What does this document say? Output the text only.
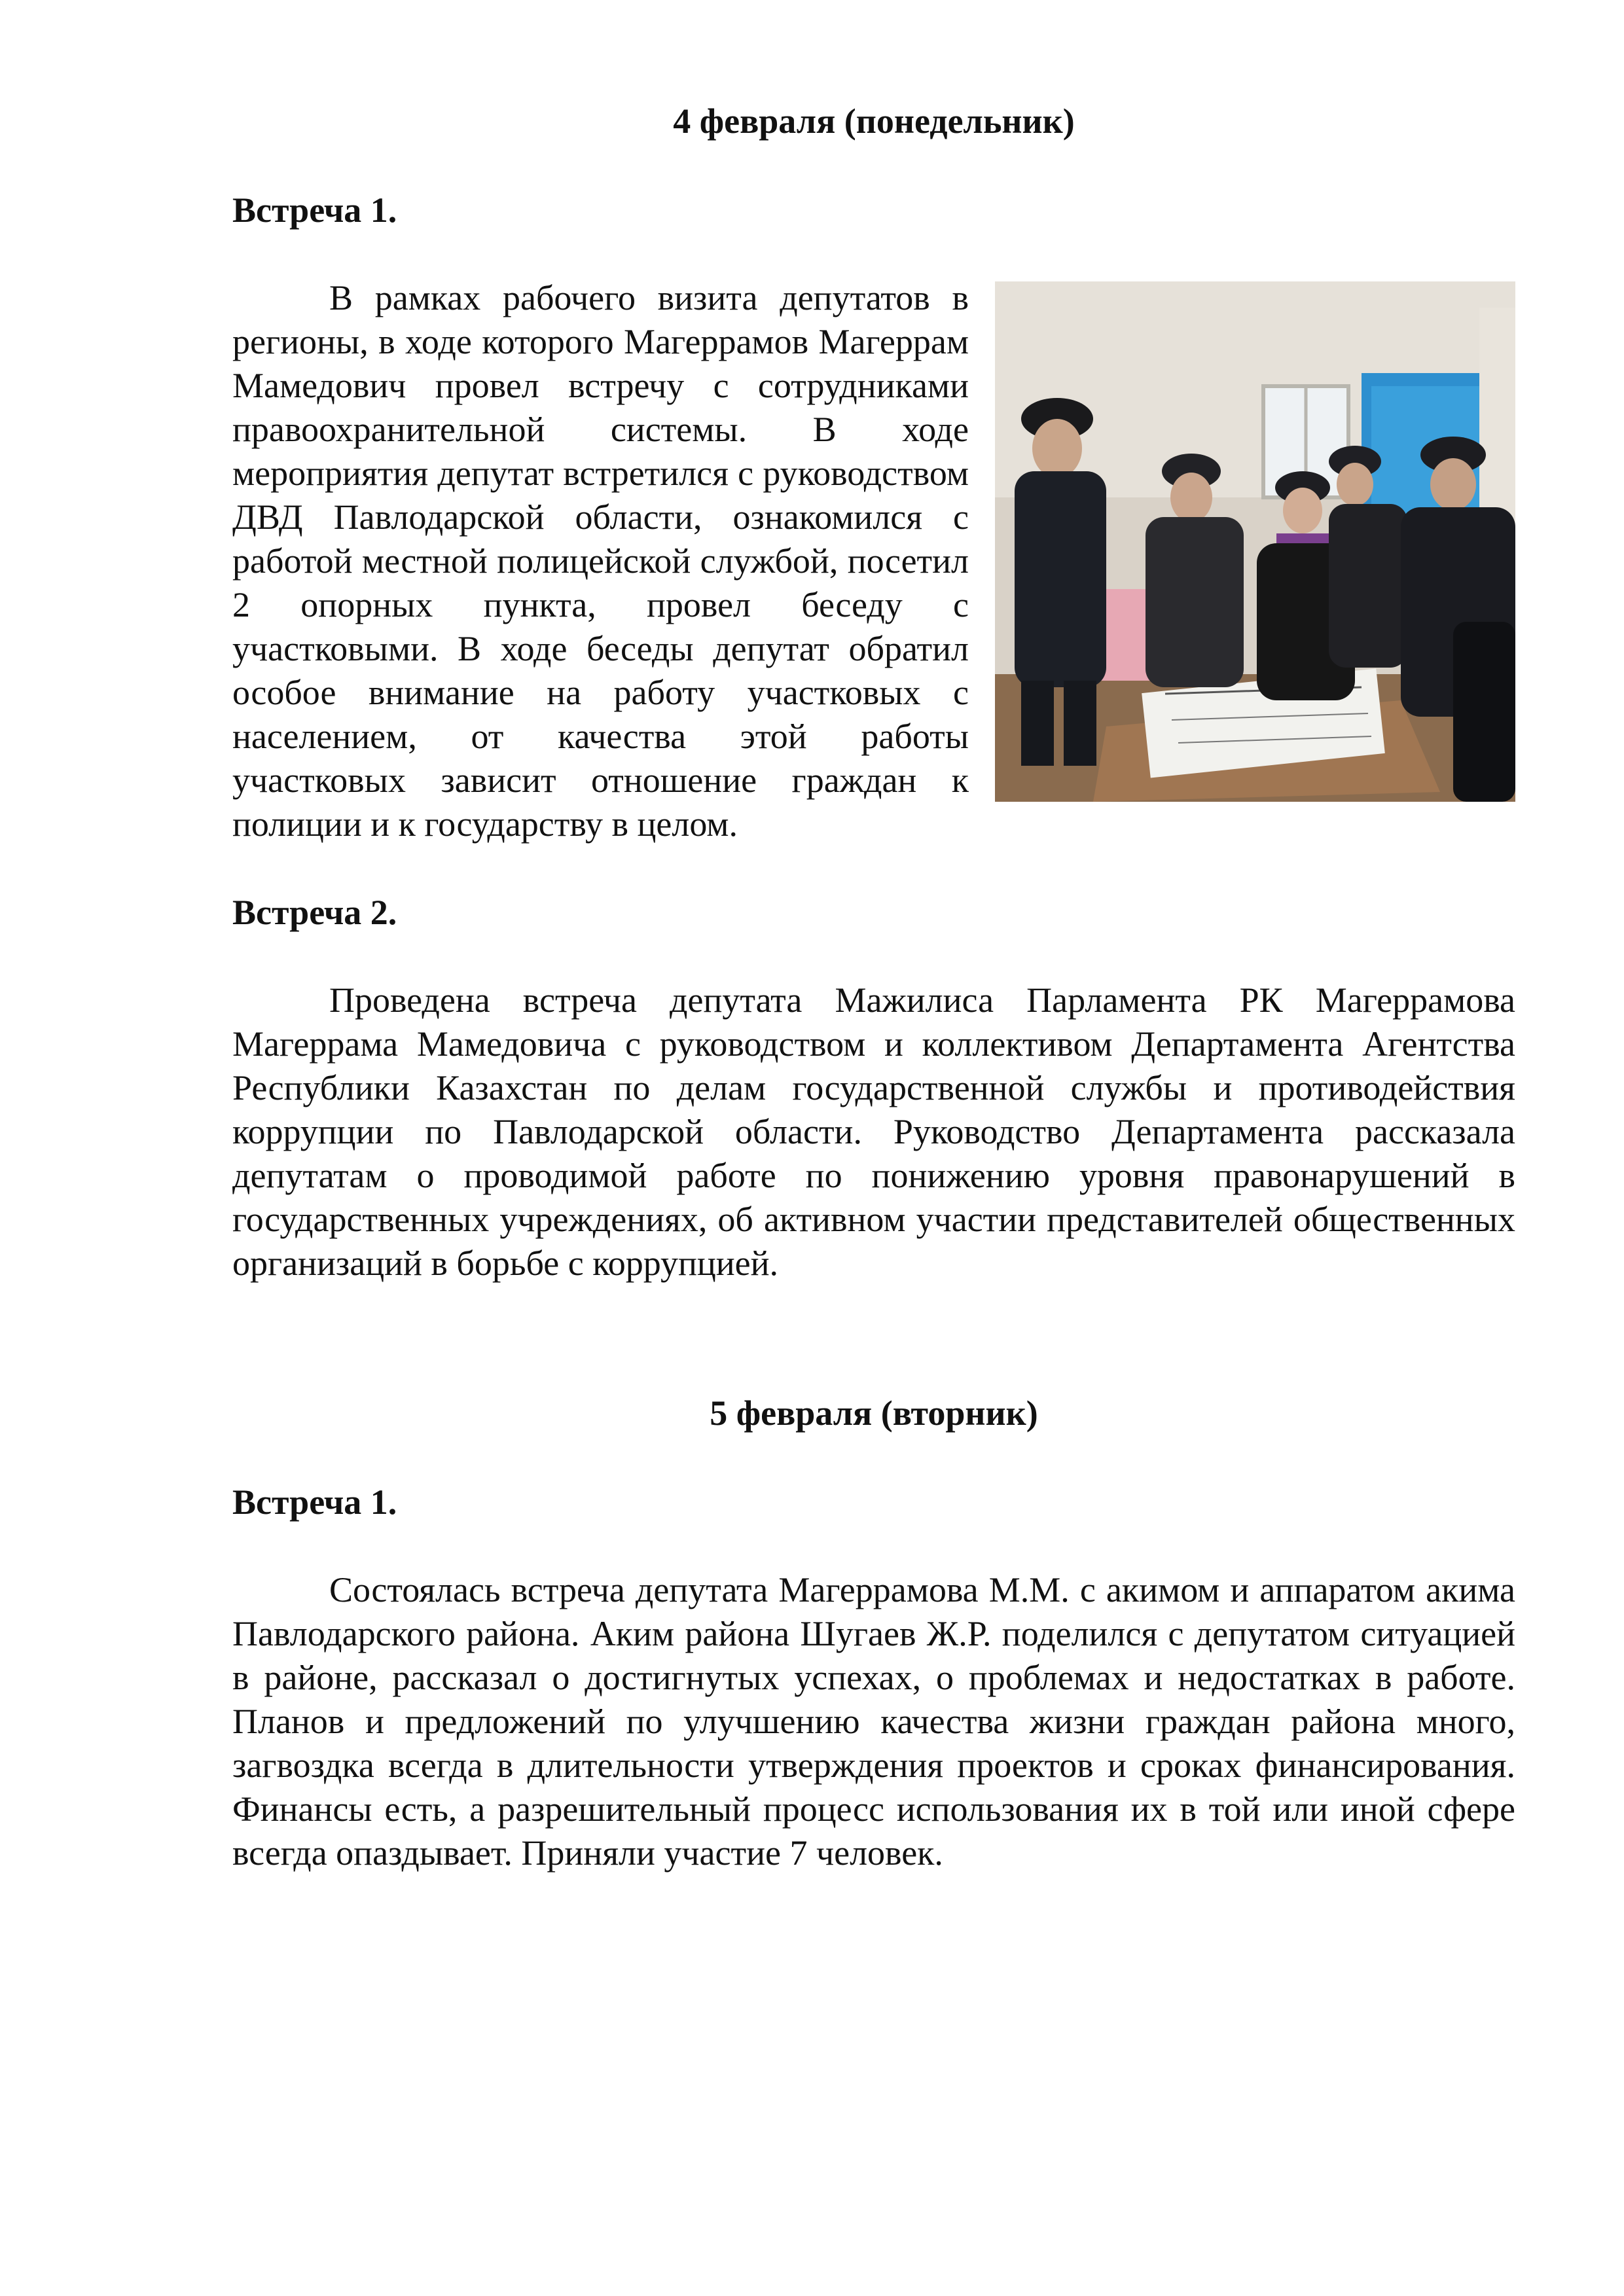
4 февраля (понедельник)
Встреча 1.

В рамках рабочего визита депутатов в регионы, в ходе которого Магеррамов Магеррам Мамедович провел встречу с сотрудниками правоохранительной системы. В ходе мероприятия депутат встретился с руководством ДВД Павлодарской области, ознакомился с работой местной полицейской службой, посетил 2 опорных пункта, провел беседу с участковыми. В ходе беседы депутат обратил особое внимание на работу участковых с населением, от качества этой работы участковых зависит отношение граждан к полиции и к государству в целом.

Встреча 2.

Проведена встреча депутата Мажилиса Парламента РК Магеррамова Магеррама Мамедовича с руководством и коллективом Департамента Агентства Республики Казахстан по делам государственной службы и противодействия коррупции по Павлодарской области. Руководство Департамента рассказала депутатам о проводимой работе по понижению уровня правонарушений в государственных учреждениях, об активном участии представителей общественных организаций в борьбе с коррупцией.

5 февраля (вторник)
Встреча 1.

Состоялась встреча депутата Магеррамова М.М. с акимом и аппаратом акима Павлодарского района. Аким района Шугаев Ж.Р. поделился с депутатом ситуацией в районе, рассказал о достигнутых успехах, о проблемах и недостатках в работе. Планов и предложений по улучшению качества жизни граждан района много, загвоздка всегда в длительности утверждения проектов и сроках финансирования. Финансы есть, а разрешительный процесс использования их в той или иной сфере всегда опаздывает. Приняли участие 7 человек.
